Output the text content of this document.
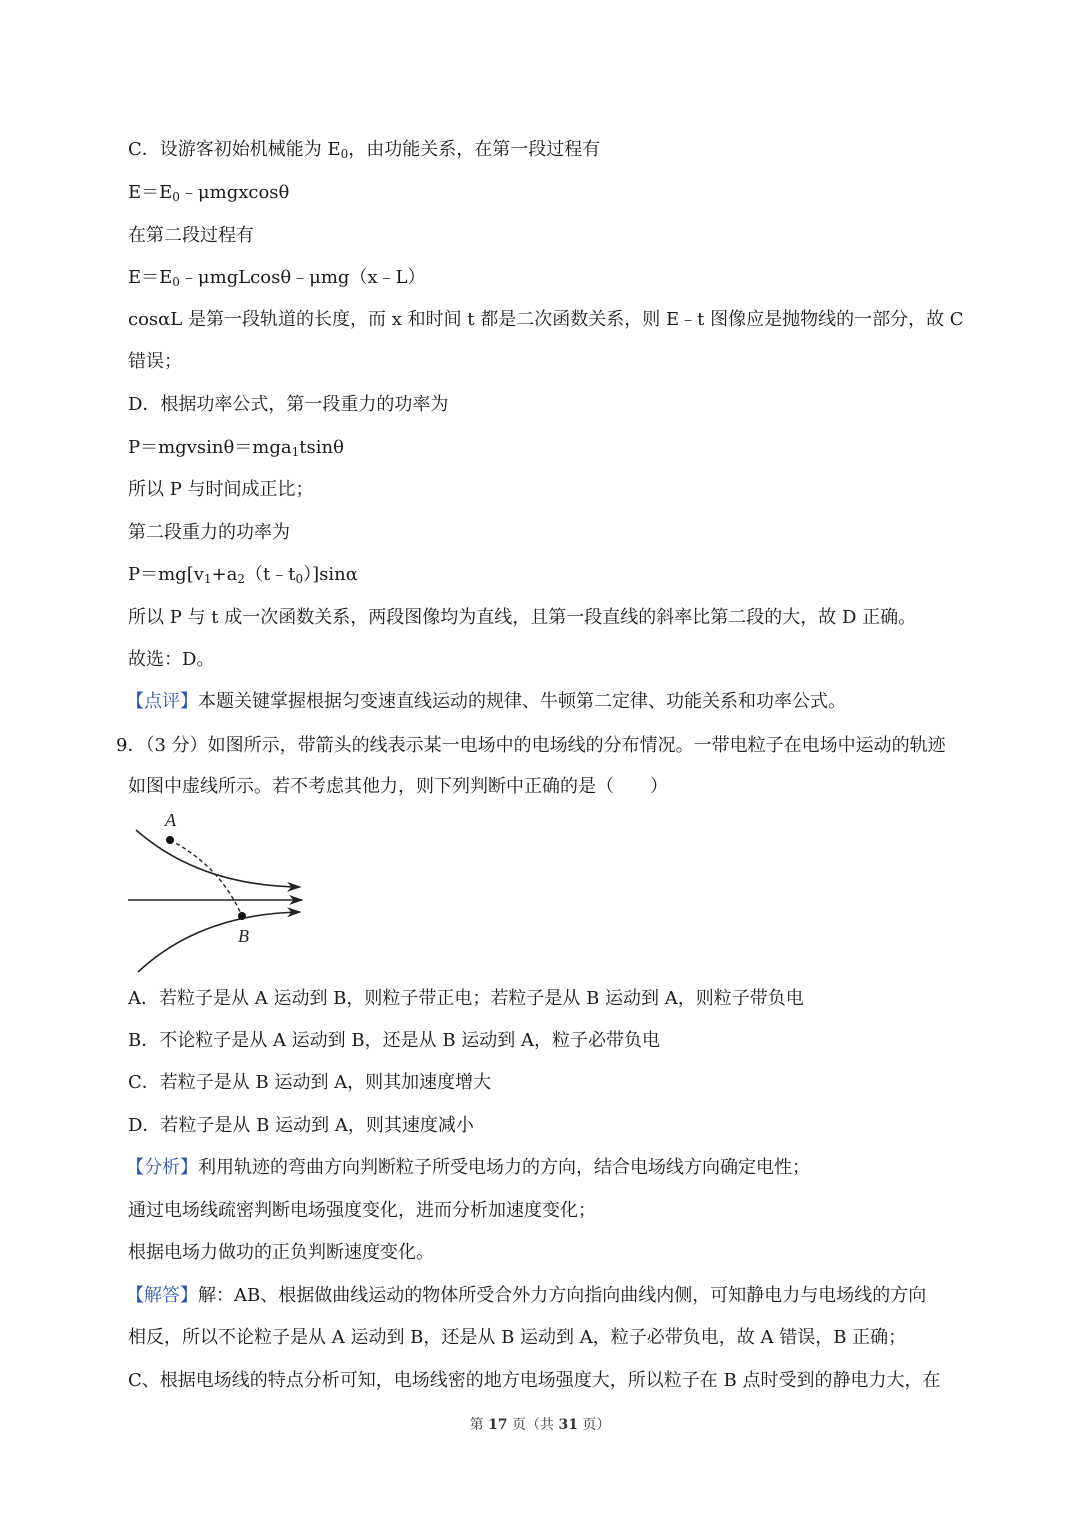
C．设游客初始机械能为 $E_0$，由功能关系，在第一段过程有
$E=E_0﹣\mu mgxcos\theta$
在第二段过程有
$E=E_0﹣\mu mgLcos\theta﹣\mu mg(x﹣L)$
cosαL 是第一段轨道的长度，而 x 和时间 t 都是二次函数关系，则 E﹣t 图像应是抛物线的一部分，故 C
错误；
D．根据功率公式，第一段重力的功率为
P＝mgvsinθ＝mga$_1$tsinθ
所以 P 与时间成正比；
第二段重力的功率为
$P=mg[v_1+a_2(t﹣t_0)]\sin\alpha$
所以 P 与 t 成一次函数关系，两段图像均为直线，且第一段直线的斜率比第二段的大，故 D 正确。
故选：D。
【点评】本题关键掌握根据匀变速直线运动的规律、牛顿第二定律、功能关系和功率公式。
9．（3 分）如图所示，带箭头的线表示某一电场中的电场线的分布情况。一带电粒子在电场中运动的轨迹
如图中虚线所示。若不考虑其他力，则下列判断中正确的是（　　）
A
B
A．若粒子是从 A 运动到 B，则粒子带正电；若粒子是从 B 运动到 A，则粒子带负电
B．不论粒子是从 A 运动到 B，还是从 B 运动到 A，粒子必带负电
C．若粒子是从 B 运动到 A，则其加速度增大
D．若粒子是从 B 运动到 A，则其速度减小
【分析】利用轨迹的弯曲方向判断粒子所受电场力的方向，结合电场线方向确定电性；
通过电场线疏密判断电场强度变化，进而分析加速度变化；
根据电场力做功的正负判断速度变化。
【解答】解：AB、根据做曲线运动的物体所受合外力方向指向曲线内侧，可知静电力与电场线的方向
相反，所以不论粒子是从 A 运动到 B，还是从 B 运动到 A，粒子必带负电，故 A 错误，B 正确；
C、根据电场线的特点分析可知，电场线密的地方电场强度大，所以粒子在 B 点时受到的静电力大，在
第 17 页（共 31 页）
